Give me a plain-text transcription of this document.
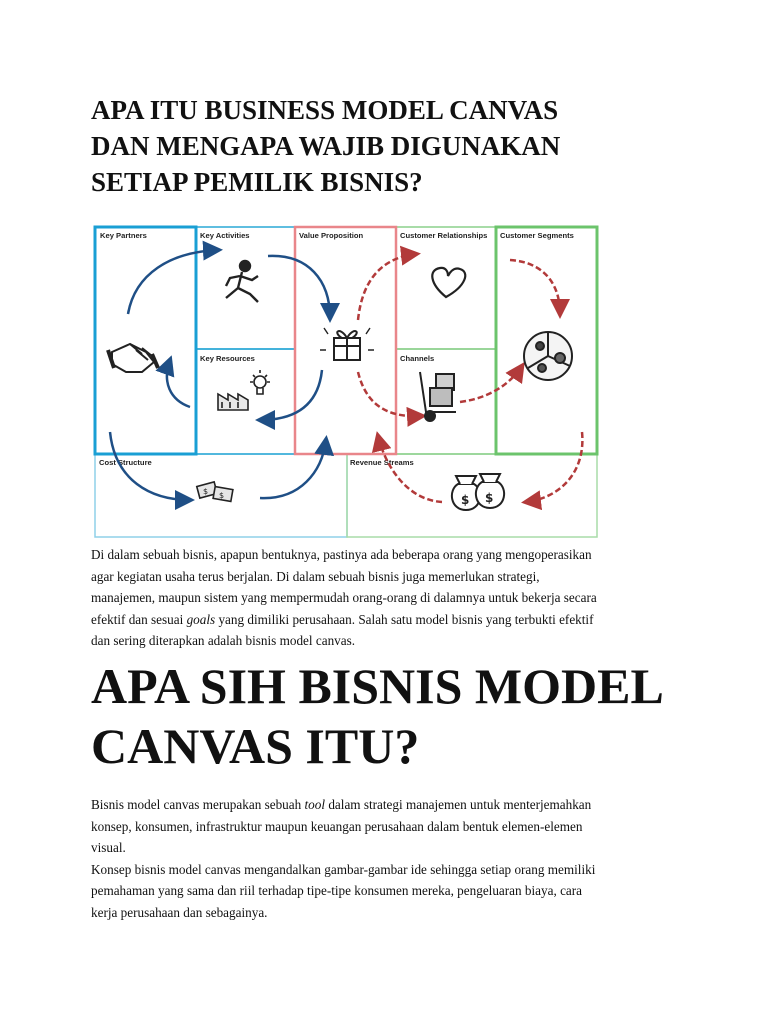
APA ITU BUSINESS MODEL CANVAS
DAN MENGAPA WAJIB DIGUNAKAN
SETIAP PEMILIK BISNIS?
Key Partners	Key Activities	Value Proposition	Customer Relationships Customer Segments
Key Resources	Channels
Cost Structure	Revenue Streams
$ $	$ $

Di dalam sebuah bisnis, apapun bentuknya, pastinya ada beberapa orang yang mengoperasikan
agar kegiatan usaha terus berjalan. Di dalam sebuah bisnis juga memerlukan strategi,
manajemen, maupun sistem yang mempermudah orang-orang di dalamnya untuk bekerja secara
efektif dan sesuai goals yang dimiliki perusahaan. Salah satu model bisnis yang terbukti efektif
dan sering diterapkan adalah bisnis model canvas.

APA SIH BISNIS MODEL
CANVAS ITU?

Bisnis model canvas merupakan sebuah tool dalam strategi manajemen untuk menterjemahkan
konsep, konsumen, infrastruktur maupun keuangan perusahaan dalam bentuk elemen-elemen
visual.
Konsep bisnis model canvas mengandalkan gambar-gambar ide sehingga setiap orang memiliki
pemahaman yang sama dan riil terhadap tipe-tipe konsumen mereka, pengeluaran biaya, cara
kerja perusahaan dan sebagainya.
